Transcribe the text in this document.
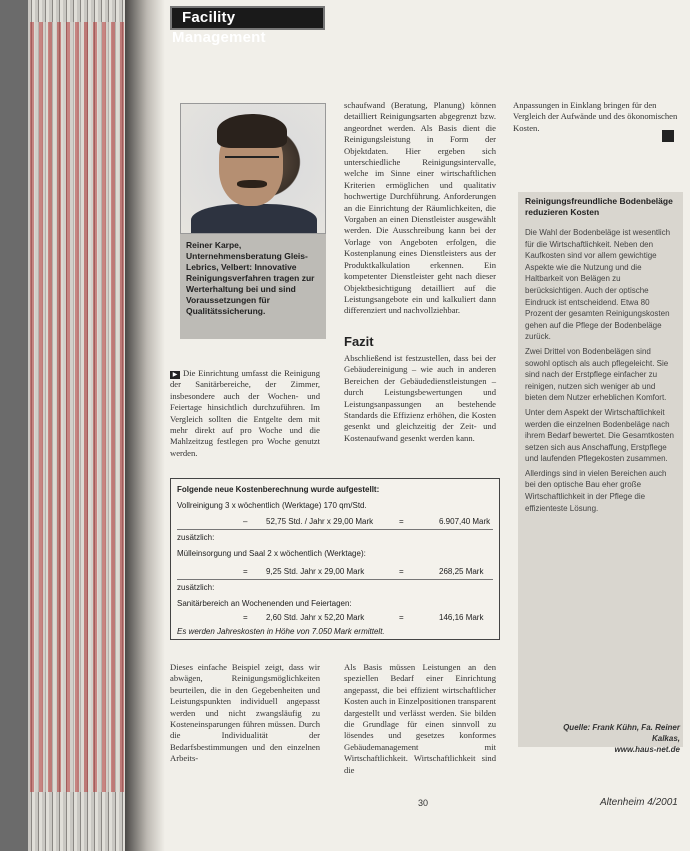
Facility Management
Reiner Karpe, Unternehmensberatung Gleis-Lebrics, Velbert: Innovative Reinigungsverfahren tragen zur Werterhaltung bei und sind Voraussetzungen für Qualitätssicherung.

▶ Die Einrichtung umfasst die Reinigung der Sanitärbereiche, der Zimmer, insbesondere auch der Wochen- und Feiertage hinsichtlich durchzuführen. Im Vergleich sollten die Entgelte dem mit mehr direkt auf pro Woche und die Mahlzeitzug festlegen pro Woche genutzt werden.

schaufwand (Beratung, Planung) können detailliert Reinigungsarten abgegrenzt bzw. angeordnet werden. Als Basis dient die Reinigungsleistung in Form der Objektdaten. Hier ergeben sich unterschiedliche Reinigungsintervalle, welche im Sinne einer wirtschaftlichen Kriterien ermöglichen und qualitativ hochwertige Durchführung. Anforderungen an die Einrichtung der Räumlichkeiten, die Vorgaben an einen Dienstleister ausgewählt werden. Die Ausschreibung kann bei der Vorlage von Angeboten erfolgen, die Kostenplanung eines Dienstleisters aus der Produktkalkulation erkennen. Ein kompetenter Dienstleister geht nach dieser Objektbesichtigung detailliert auf die Leistungsangebote ein und kalkuliert dann differenziert und nachvollziehbar.

Fazit
Abschließend ist festzustellen, dass bei der Gebäudereinigung – wie auch in anderen Bereichen der Gebäudedienstleistungen – durch Leistungsbewertungen und Leistungsanpassungen an bestehende Standards die Effizienz erhöhen, die Kosten gesenkt und gleichzeitig der Zeit- und Kostenaufwand gesenkt werden kann.
Anpassungen in Einklang bringen für den Vergleich der Aufwände und des ökonomischen Kosten.
Folgende neue Kostenberechnung wurde aufgestellt:
Vollreinigung 3 x wöchentlich (Werktage) 170 qm/Std.
– 52,75 Std. / Jahr x 29,00 Mark	=	6.907,40 Mark
zusätzlich:
Mülleinsorgung und Saal 2 x wöchentlich (Werktage):
= 9,25 Std. Jahr x 29,00 Mark	=	268,25 Mark
zusätzlich:
Sanitärbereich an Wochenenden und Feiertagen:
= 2,60 Std. Jahr x 52,20 Mark	=	146,16 Mark
Es werden Jahreskosten in Höhe von 7.050 Mark ermittelt.
Dieses einfache Beispiel zeigt, dass wir abwägen, Reinigungsmöglichkeiten beurteilen, die in den Gegebenheiten und Leistungspunkten individuell angepasst werden und nicht zwangsläufig zu Kosteneinsparungen führen müssen. Durch die Individualität der Bedarfsbestimmungen und den einzelnen Arbeits-
Als Basis müssen Leistungen an den speziellen Bedarf einer Einrichtung angepasst, die bei effizient wirtschaftlicher Kosten auch in Einzelpositionen transparent dargestellt und verlässt werden. Sie bilden die Grundlage für einen sinnvoll zu lösendes und gesetzes konformes Gebäudemanagement mit Wirtschaftlichkeit. Wirtschaftlichkeit sind die
Reinigungsfreundliche Bodenbeläge reduzieren Kosten

Die Wahl der Bodenbeläge ist wesentlich für die Wirtschaftlichkeit. Neben den Kaufkosten sind vor allem gewichtige Aspekte wie die Nutzung und die Haltbarkeit von Belägen zu berücksichtigen. Auch der optische Eindruck ist entscheidend. Etwa 80 Prozent der gesamten Reinigungskosten gehen auf die Pflege der Bodenbeläge zurück.

Zwei Drittel von Bodenbelägen sind sowohl optisch als auch pflegeleicht. Sie sind nach der Erstpflege einfacher zu reinigen, nutzen sich weniger ab und bieten dem Nutzer erheblichen Komfort.

Unter dem Aspekt der Wirtschaftlichkeit werden die einzelnen Bodenbeläge nach ihrem Bedarf bewertet. Die Gesamtkosten setzen sich aus Anschaffung, Erstpflege und laufenden Pflegekosten zusammen.

Allerdings sind in vielen Bereichen auch bei den optische Bau eher große Wirtschaftlichkeit in der Pflege die effizienteste Lösung.

Quelle: Frank Kühn, Fa. Reiner Kalkas,
www.haus-net.de
30	Altenheim 4/2001
